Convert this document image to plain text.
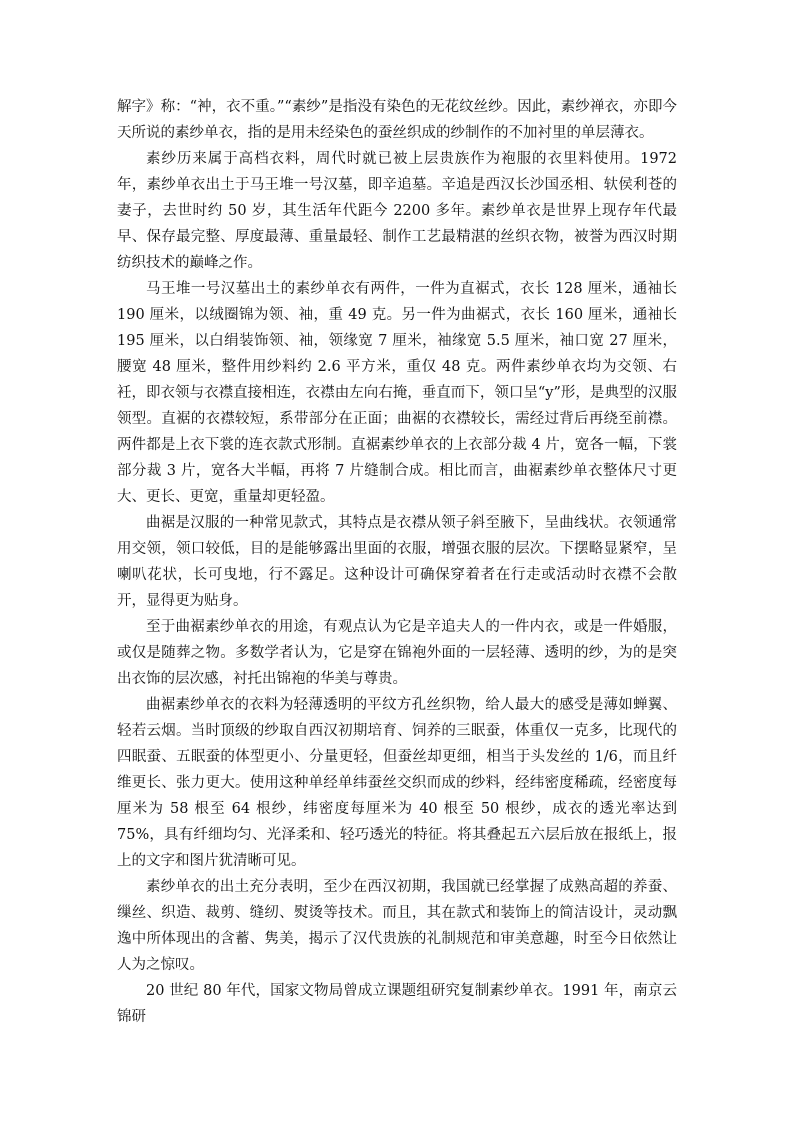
解字》称：“衶，衣不重。”“素纱”是指没有染色的无花纹丝纱。因此，素纱禅衣，亦即今天所说的素纱单衣，指的是用未经染色的蚕丝织成的纱制作的不加衬里的单层薄衣。

素纱历来属于高档衣料，周代时就已被上层贵族作为袍服的衣里料使用。1972 年，素纱单衣出土于马王堆一号汉墓，即辛追墓。辛追是西汉长沙国丞相、轪侯利苍的妻子，去世时约 50 岁，其生活年代距今 2200 多年。素纱单衣是世界上现存年代最早、保存最完整、厚度最薄、重量最轻、制作工艺最精湛的丝织衣物，被誉为西汉时期纺织技术的巅峰之作。

马王堆一号汉墓出土的素纱单衣有两件，一件为直裾式，衣长 128 厘米，通袖长 190 厘米，以绒圈锦为领、袖，重 49 克。另一件为曲裾式，衣长 160 厘米，通袖长 195 厘米，以白绢装饰领、袖，领缘宽 7 厘米，袖缘宽 5.5 厘米，袖口宽 27 厘米，腰宽 48 厘米，整件用纱料约 2.6 平方米，重仅 48 克。两件素纱单衣均为交领、右衽，即衣领与衣襟直接相连，衣襟由左向右掩，垂直而下，领口呈“y”形，是典型的汉服领型。直裾的衣襟较短，系带部分在正面；曲裾的衣襟较长，需经过背后再绕至前襟。两件都是上衣下裳的连衣款式形制。直裾素纱单衣的上衣部分裁 4 片，宽各一幅，下裳部分裁 3 片，宽各大半幅，再将 7 片缝制合成。相比而言，曲裾素纱单衣整体尺寸更大、更长、更宽，重量却更轻盈。

曲裾是汉服的一种常见款式，其特点是衣襟从领子斜至腋下，呈曲线状。衣领通常用交领，领口较低，目的是能够露出里面的衣服，增强衣服的层次。下摆略显紧窄，呈喇叭花状，长可曳地，行不露足。这种设计可确保穿着者在行走或活动时衣襟不会散开，显得更为贴身。

至于曲裾素纱单衣的用途，有观点认为它是辛追夫人的一件内衣，或是一件婚服，或仅是随葬之物。多数学者认为，它是穿在锦袍外面的一层轻薄、透明的纱，为的是突出衣饰的层次感，衬托出锦袍的华美与尊贵。

曲裾素纱单衣的衣料为轻薄透明的平纹方孔丝织物，给人最大的感受是薄如蝉翼、轻若云烟。当时顶级的纱取自西汉初期培育、饲养的三眠蚕，体重仅一克多，比现代的四眠蚕、五眠蚕的体型更小、分量更轻，但蚕丝却更细，相当于头发丝的 1/6，而且纤维更长、张力更大。使用这种单经单纬蚕丝交织而成的纱料，经纬密度稀疏，经密度每厘米为 58 根至 64 根纱，纬密度每厘米为 40 根至 50 根纱，成衣的透光率达到 75%，具有纤细均匀、光泽柔和、轻巧透光的特征。将其叠起五六层后放在报纸上，报上的文字和图片犹清晰可见。

素纱单衣的出土充分表明，至少在西汉初期，我国就已经掌握了成熟高超的养蚕、缫丝、织造、裁剪、缝纫、熨烫等技术。而且，其在款式和装饰上的简洁设计，灵动飘逸中所体现出的含蓄、隽美，揭示了汉代贵族的礼制规范和审美意趣，时至今日依然让人为之惊叹。

20 世纪 80 年代，国家文物局曾成立课题组研究复制素纱单衣。1991 年，南京云锦研
